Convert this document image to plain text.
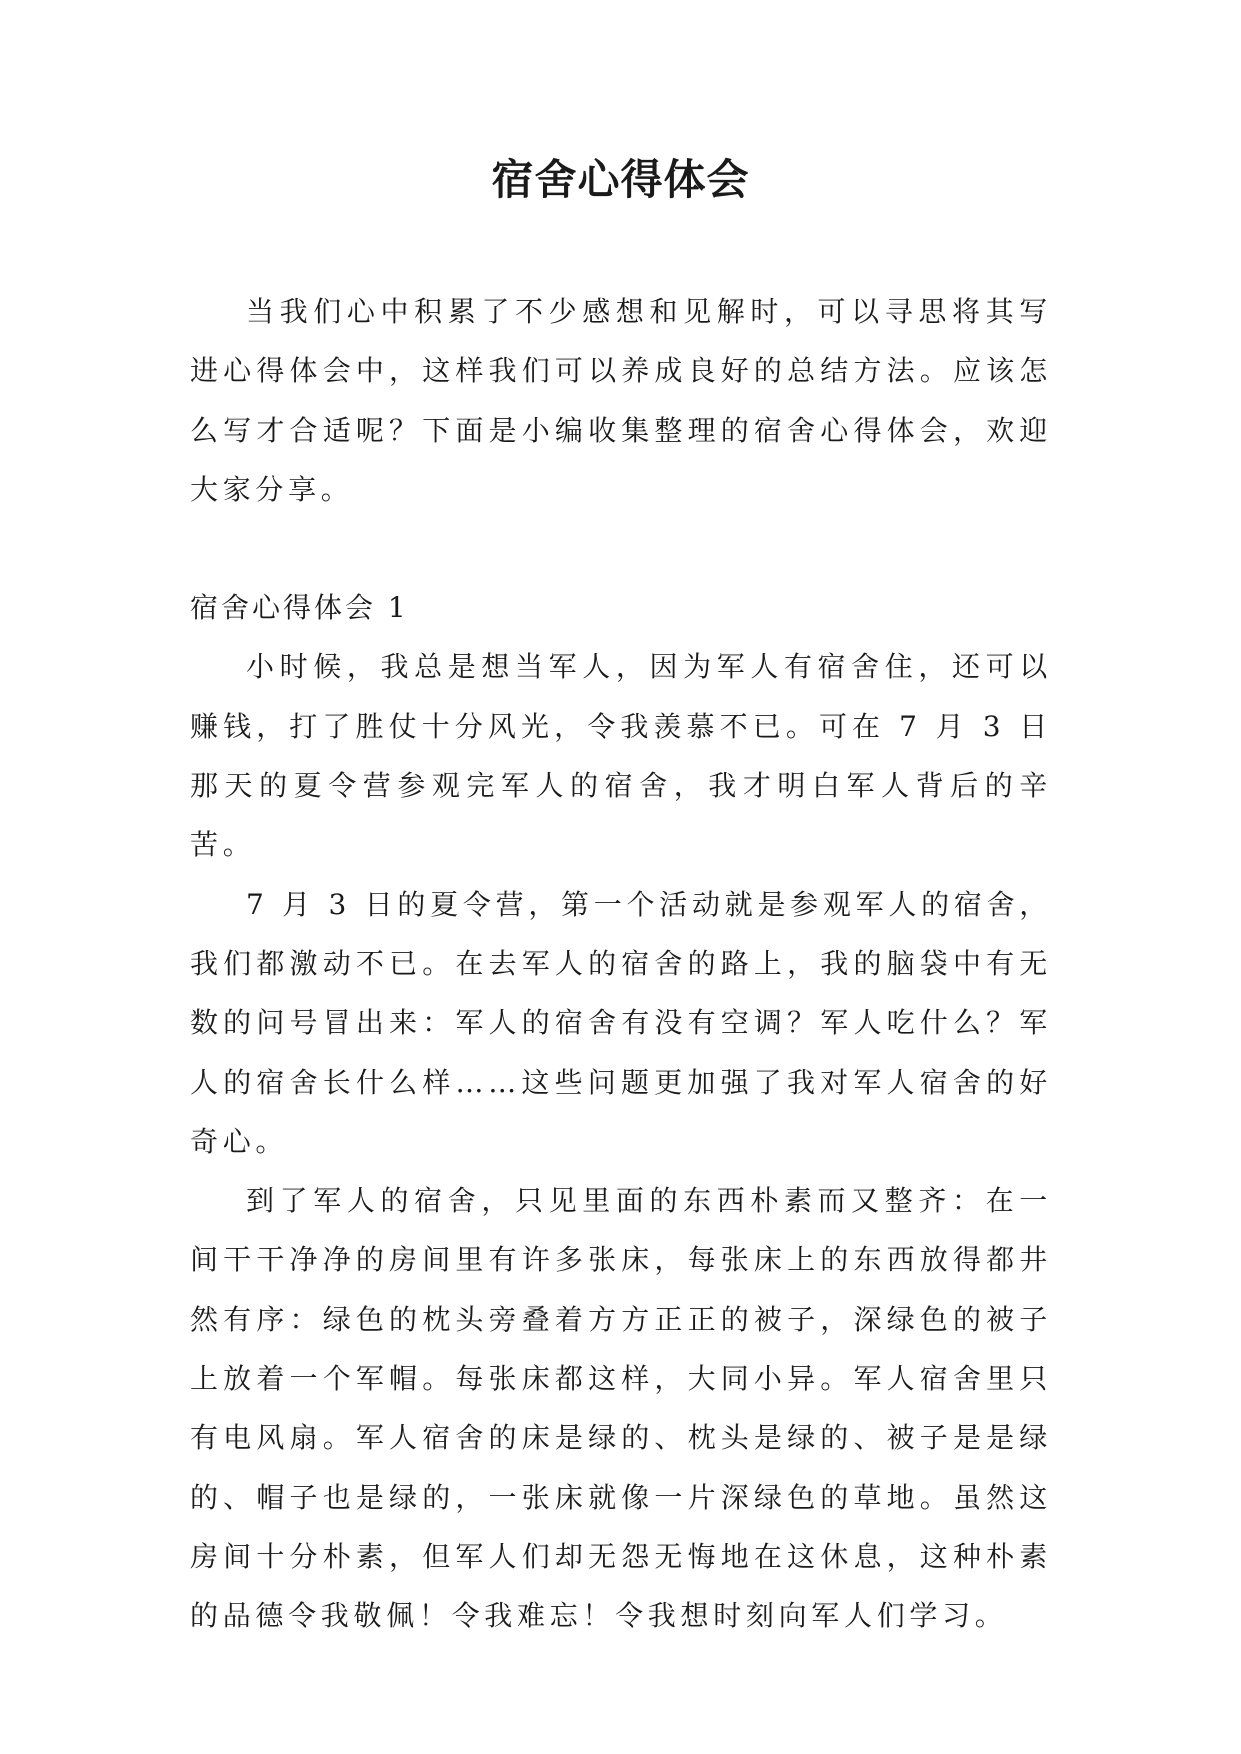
宿舍心得体会

当我们心中积累了不少感想和见解时，可以寻思将其写进心得体会中，这样我们可以养成良好的总结方法。应该怎么写才合适呢？下面是小编收集整理的宿舍心得体会，欢迎大家分享。

宿舍心得体会 1

小时候，我总是想当军人，因为军人有宿舍住，还可以赚钱，打了胜仗十分风光，令我羡慕不已。可在 7 月 3 日那天的夏令营参观完军人的宿舍，我才明白军人背后的辛苦。

7 月 3 日的夏令营，第一个活动就是参观军人的宿舍，我们都激动不已。在去军人的宿舍的路上，我的脑袋中有无数的问号冒出来：军人的宿舍有没有空调？军人吃什么？军人的宿舍长什么样……这些问题更加强了我对军人宿舍的好奇心。

到了军人的宿舍，只见里面的东西朴素而又整齐：在一间干干净净的房间里有许多张床，每张床上的东西放得都井然有序：绿色的枕头旁叠着方方正正的被子，深绿色的被子上放着一个军帽。每张床都这样，大同小异。军人宿舍里只有电风扇。军人宿舍的床是绿的、枕头是绿的、被子是是绿的、帽子也是绿的，一张床就像一片深绿色的草地。虽然这房间十分朴素，但军人们却无怨无悔地在这休息，这种朴素的品德令我敬佩！令我难忘！令我想时刻向军人们学习。
